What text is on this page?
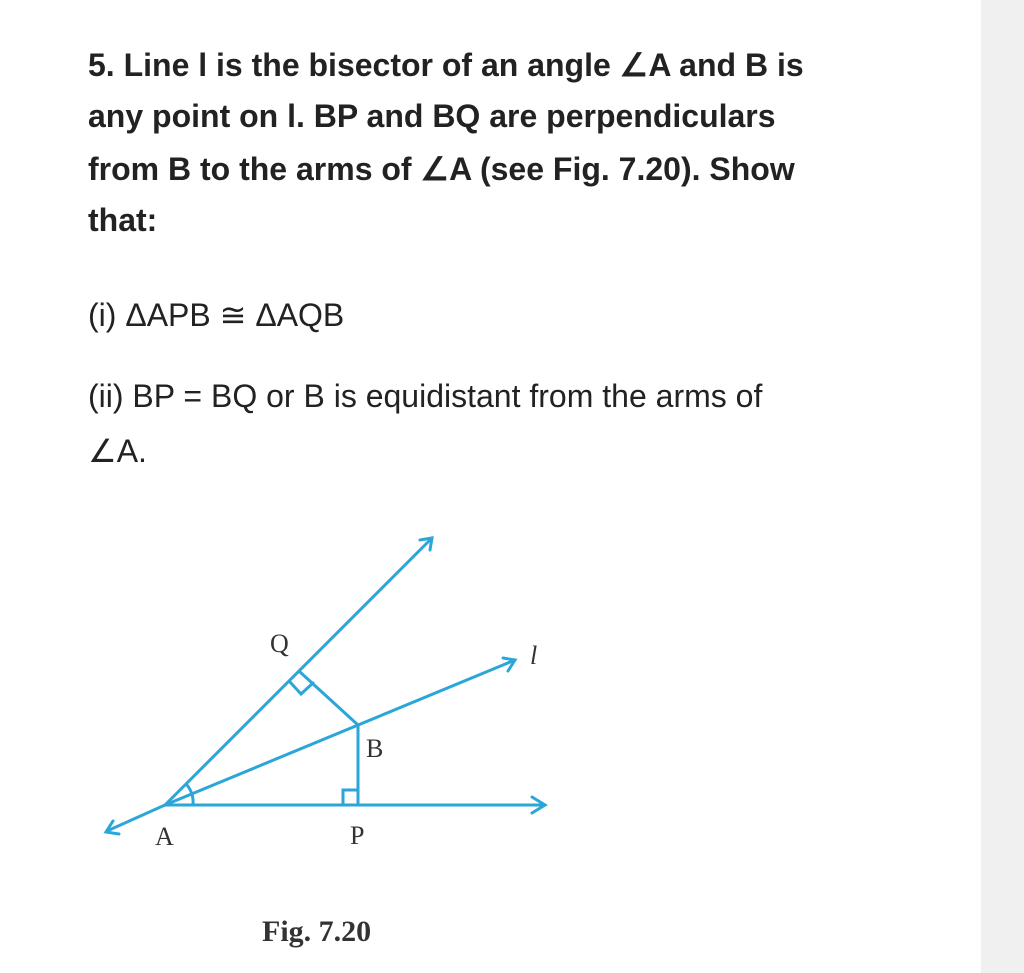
5. Line l is the bisector of an angle ∠A and B is
any point on l. BP and BQ are perpendiculars
from B to the arms of ∠A (see Fig. 7.20). Show
that:
(i) ΔAPB ≅ ΔAQB
(ii) BP = BQ or B is equidistant from the arms of
∠A.
Q	l
B
A	P
Fig. 7.20
